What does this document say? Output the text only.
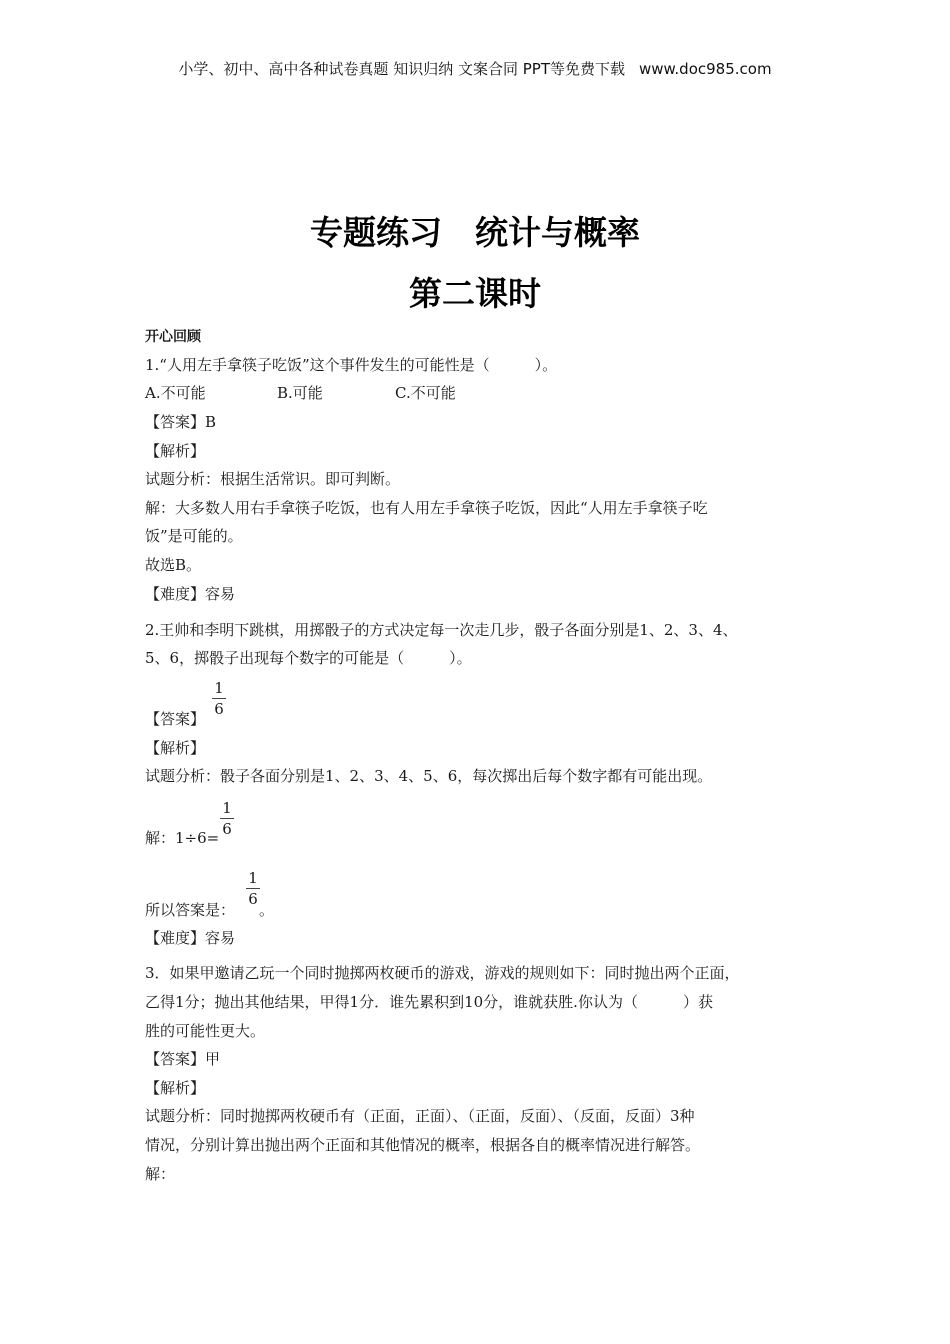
小学、初中、高中各种试卷真题 知识归纳 文案合同 PPT等免费下载 www.doc985.com
专题练习　统计与概率
第二课时
开心回顾
1.“人用左手拿筷子吃饭”这个事件发生的可能性是（　　　）。
A.不可能	B.可能	C.不可能
【答案】B
【解析】
试题分析：根据生活常识。即可判断。
解：大多数人用右手拿筷子吃饭，也有人用左手拿筷子吃饭，因此“人用左手拿筷子吃
饭”是可能的。
故选B。
【难度】容易
2.王帅和李明下跳棋，用掷骰子的方式决定每一次走几步，骰子各面分别是1、2、3、4、
5、6，掷骰子出现每个数字的可能是（　　　）。
【答案】
1
6
【解析】
试题分析：骰子各面分别是1、2、3、4、5、6，每次掷出后每个数字都有可能出现。
解：1÷6=
1
6
所以答案是： 。
1
6
【难度】容易
3．如果甲邀请乙玩一个同时抛掷两枚硬币的游戏，游戏的规则如下：同时抛出两个正面，
乙得1分；抛出其他结果，甲得1分．谁先累积到10分，谁就获胜.你认为（　　　）获
胜的可能性更大。
【答案】甲
【解析】
试题分析：同时抛掷两枚硬币有（正面，正面）、（正面，反面）、（反面，反面）3种
情况，分别计算出抛出两个正面和其他情况的概率，根据各自的概率情况进行解答。
解：
